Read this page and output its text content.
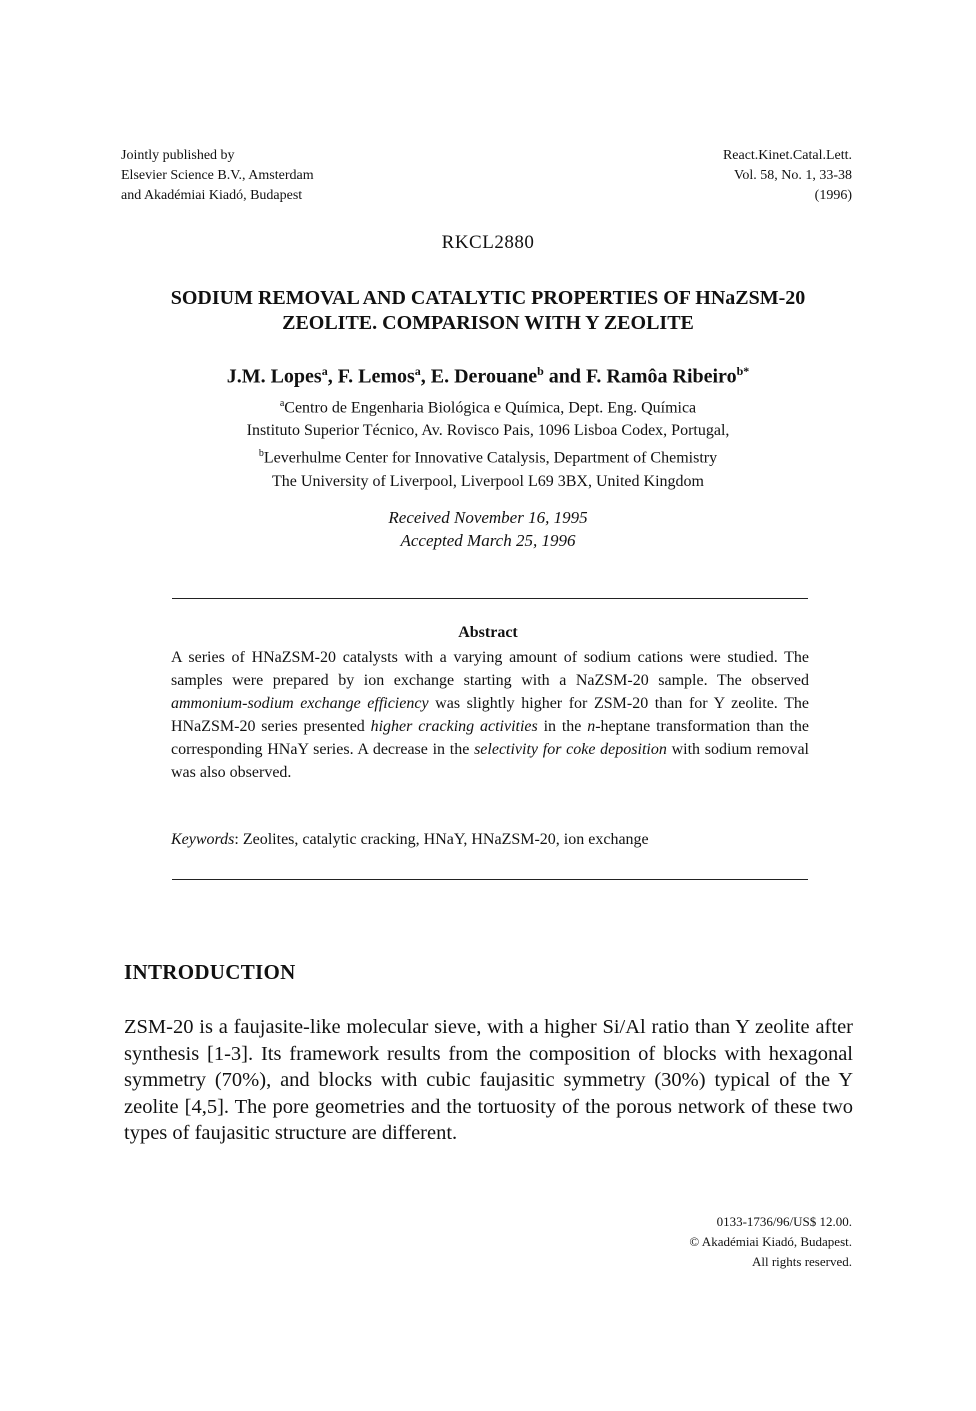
Jointly published by
Elsevier Science B.V., Amsterdam
and Akadémiai Kiadó, Budapest
React.Kinet.Catal.Lett.
Vol. 58, No. 1, 33-38
(1996)
RKCL2880
SODIUM REMOVAL AND CATALYTIC PROPERTIES OF HNaZSM-20
ZEOLITE. COMPARISON WITH Y ZEOLITE
J.M. Lopes$^a$, F. Lemos$^a$, E. Derouane$^b$ and F. Ramôa Ribeiro$^{b*}$
$^a$Centro de Engenharia Biológica e Química, Dept. Eng. Química
Instituto Superior Técnico, Av. Rovisco Pais, 1096 Lisboa Codex, Portugal,
$^b$Leverhulme Center for Innovative Catalysis, Department of Chemistry
The University of Liverpool, Liverpool L69 3BX, United Kingdom
Received November 16, 1995
Accepted March 25, 1996
Abstract
A series of HNaZSM-20 catalysts with a varying amount of sodium cations were studied. The samples were prepared by ion exchange starting with a NaZSM-20 sample. The observed ammonium-sodium exchange efficiency was slightly higher for ZSM-20 than for Y zeolite. The HNaZSM-20 series presented higher cracking activities in the n-heptane transformation than the corresponding HNaY series. A decrease in the selectivity for coke deposition with sodium removal was also observed.
Keywords: Zeolites, catalytic cracking, HNaY, HNaZSM-20, ion exchange
INTRODUCTION
ZSM-20 is a faujasite-like molecular sieve, with a higher Si/Al ratio than Y zeolite after synthesis [1-3]. Its framework results from the composition of blocks with hexagonal symmetry (70%), and blocks with cubic faujasitic symmetry (30%) typical of the Y zeolite [4,5]. The pore geometries and the tortuosity of the porous network of these two types of faujasitic structure are different.
0133-1736/96/US$ 12.00.
© Akadémiai Kiadó, Budapest.
All rights reserved.
